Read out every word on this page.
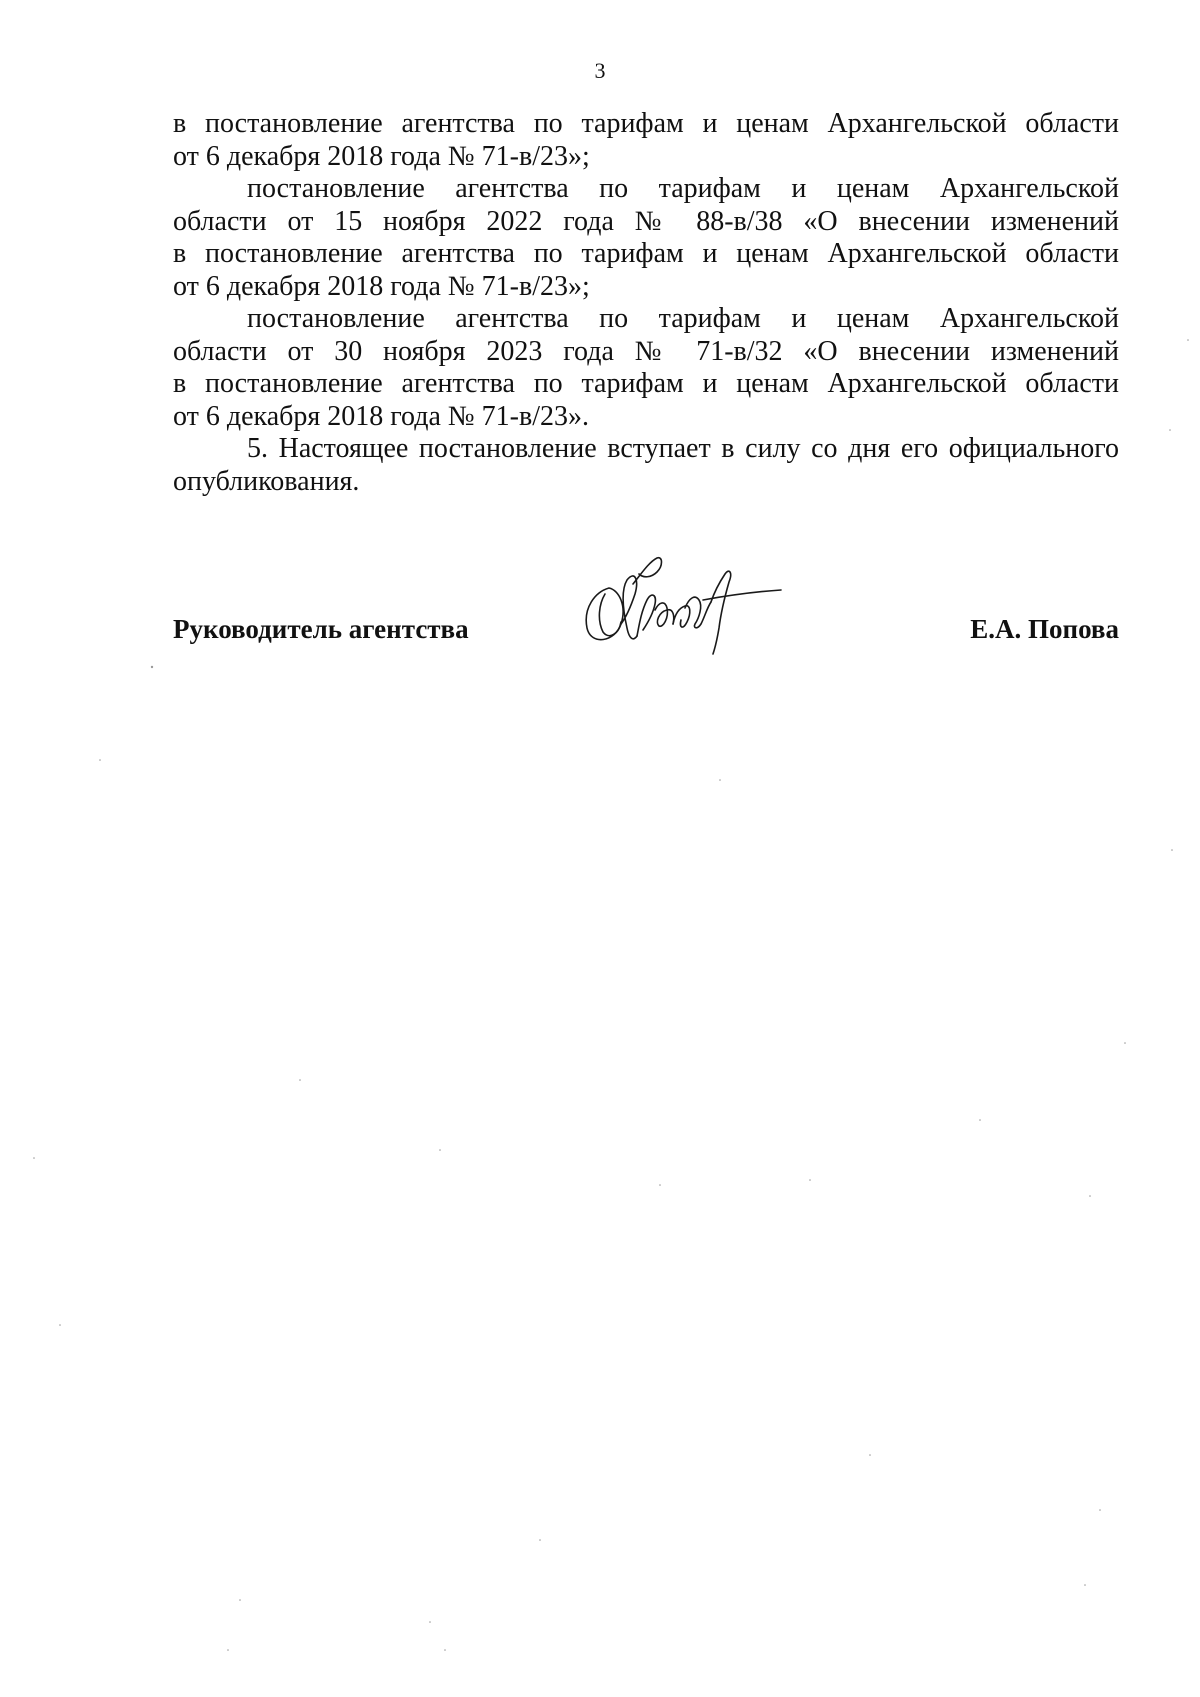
3
в постановление агентства по тарифам и ценам Архангельской области
от 6 декабря 2018 года № 71-в/23»;
постановление агентства по тарифам и ценам Архангельской
области от 15 ноября 2022 года № 88-в/38 «О внесении изменений
в постановление агентства по тарифам и ценам Архангельской области
от 6 декабря 2018 года № 71-в/23»;
постановление агентства по тарифам и ценам Архангельской
области от 30 ноября 2023 года № 71-в/32 «О внесении изменений
в постановление агентства по тарифам и ценам Архангельской области
от 6 декабря 2018 года № 71-в/23».
5. Настоящее постановление вступает в силу со дня его официального
опубликования.
Руководитель агентства	Е.А. Попова
